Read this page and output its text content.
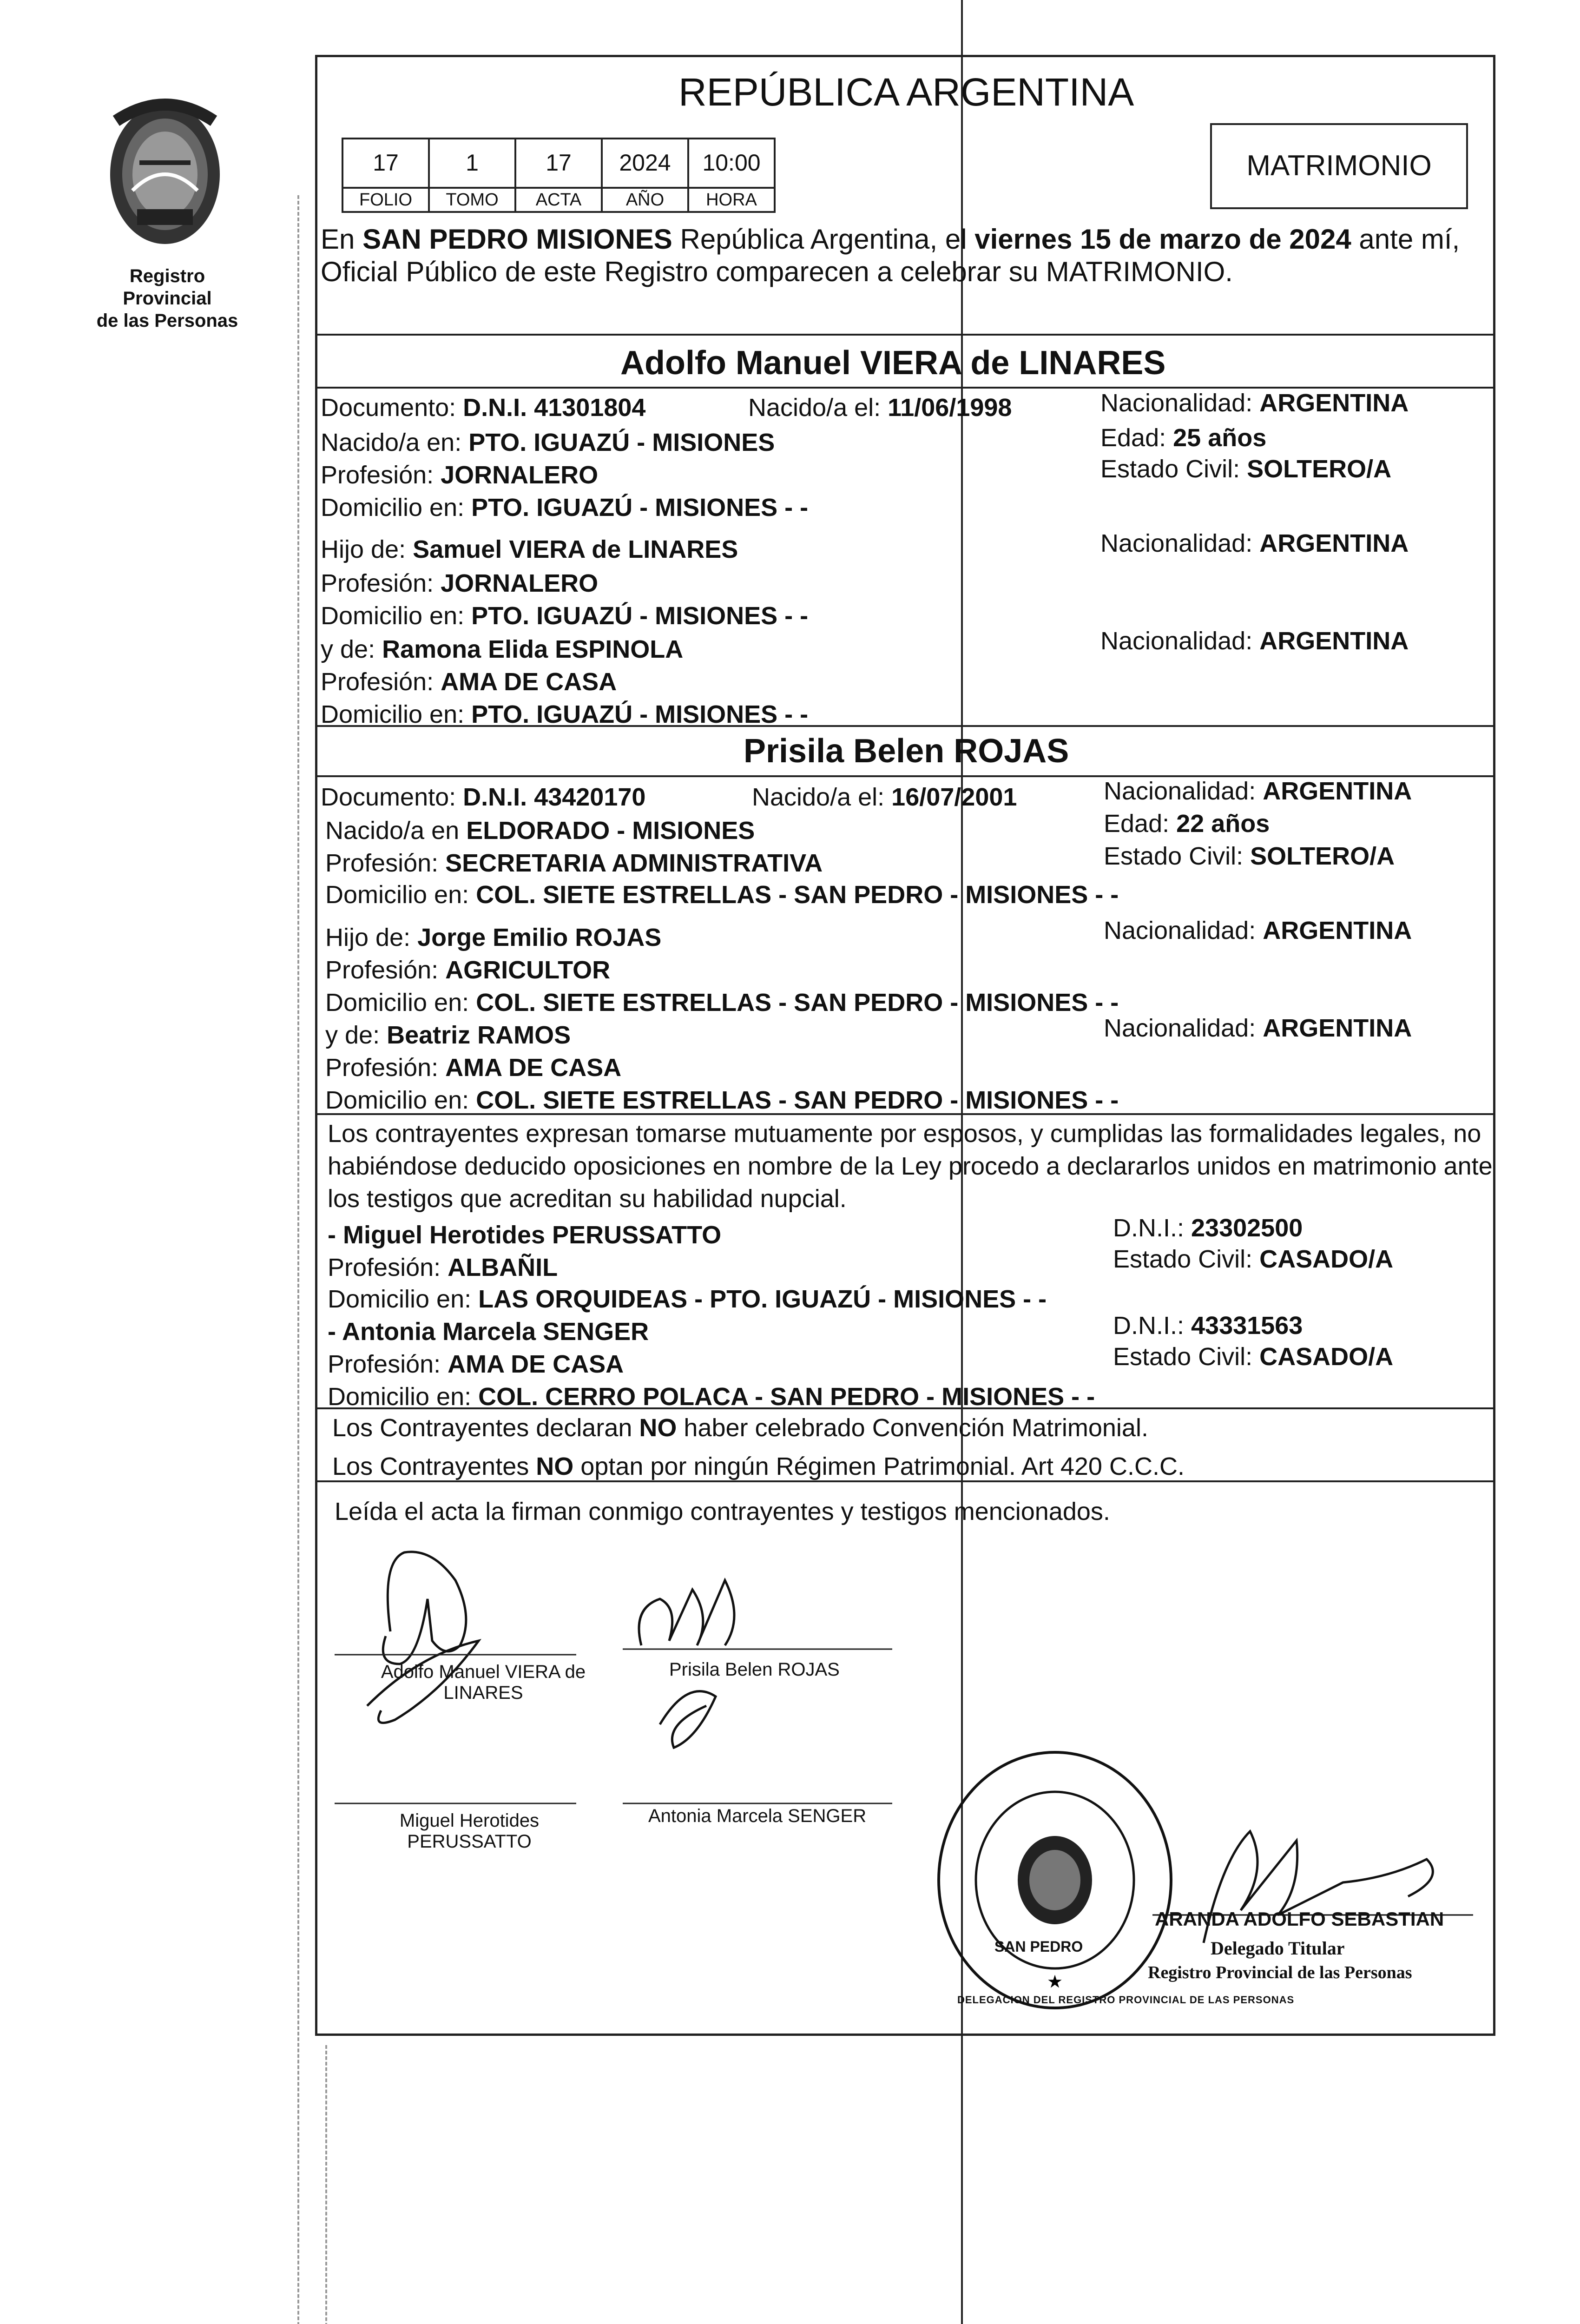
Registro Provincial
de las Personas
REPÚBLICA ARGENTINA
17	1	17	2024	10:00
FOLIO	TOMO	ACTA	AÑO	HORA
MATRIMONIO
En SAN PEDRO MISIONES República Argentina, el viernes 15 de marzo de 2024 ante mí,
Oficial Público de este Registro comparecen a celebrar su MATRIMONIO.
Adolfo Manuel VIERA de LINARES
Documento: D.N.I. 41301804	Nacido/a el: 11/06/1998	Nacionalidad: ARGENTINA
Nacido/a en: PTO. IGUAZÚ - MISIONES	Edad: 25 años
Profesión: JORNALERO	Estado Civil: SOLTERO/A
Domicilio en: PTO. IGUAZÚ - MISIONES - -
Hijo de: Samuel VIERA de LINARES	Nacionalidad: ARGENTINA
Profesión: JORNALERO
Domicilio en: PTO. IGUAZÚ - MISIONES - -
y de: Ramona Elida ESPINOLA	Nacionalidad: ARGENTINA
Profesión: AMA DE CASA
Domicilio en: PTO. IGUAZÚ - MISIONES - -
Prisila Belen ROJAS
Documento: D.N.I. 43420170	Nacido/a el: 16/07/2001	Nacionalidad: ARGENTINA
Nacido/a en ELDORADO - MISIONES	Edad: 22 años
Profesión: SECRETARIA ADMINISTRATIVA	Estado Civil: SOLTERO/A
Domicilio en: COL. SIETE ESTRELLAS - SAN PEDRO - MISIONES - -
Hijo de: Jorge Emilio ROJAS	Nacionalidad: ARGENTINA
Profesión: AGRICULTOR
Domicilio en: COL. SIETE ESTRELLAS - SAN PEDRO - MISIONES - -
y de: Beatriz RAMOS	Nacionalidad: ARGENTINA
Profesión: AMA DE CASA
Domicilio en: COL. SIETE ESTRELLAS - SAN PEDRO - MISIONES - -
Los contrayentes expresan tomarse mutuamente por esposos, y cumplidas las formalidades legales, no
habiéndose deducido oposiciones en nombre de la Ley procedo a declararlos unidos en matrimonio ante
los testigos que acreditan su habilidad nupcial.
- Miguel Herotides PERUSSATTO	D.N.I.: 23302500
Profesión: ALBAÑIL	Estado Civil: CASADO/A
Domicilio en: LAS ORQUIDEAS - PTO. IGUAZÚ - MISIONES - -
- Antonia Marcela SENGER	D.N.I.: 43331563
Profesión: AMA DE CASA	Estado Civil: CASADO/A
Domicilio en: COL. CERRO POLACA - SAN PEDRO - MISIONES - -
Los Contrayentes declaran NO haber celebrado Convención Matrimonial.
Los Contrayentes NO optan por ningún Régimen Patrimonial. Art 420 C.C.C.
Leída el acta la firman conmigo contrayentes y testigos mencionados.
Adolfo Manuel VIERA de
LINARES
Prisila Belen ROJAS
Miguel Herotides
PERUSSATTO
Antonia Marcela SENGER
★
SAN PEDRO
DELEGACION DEL REGISTRO PROVINCIAL DE LAS PERSONAS
ARANDA ADOLFO SEBASTIAN
Delegado Titular
Registro Provincial de las Personas
